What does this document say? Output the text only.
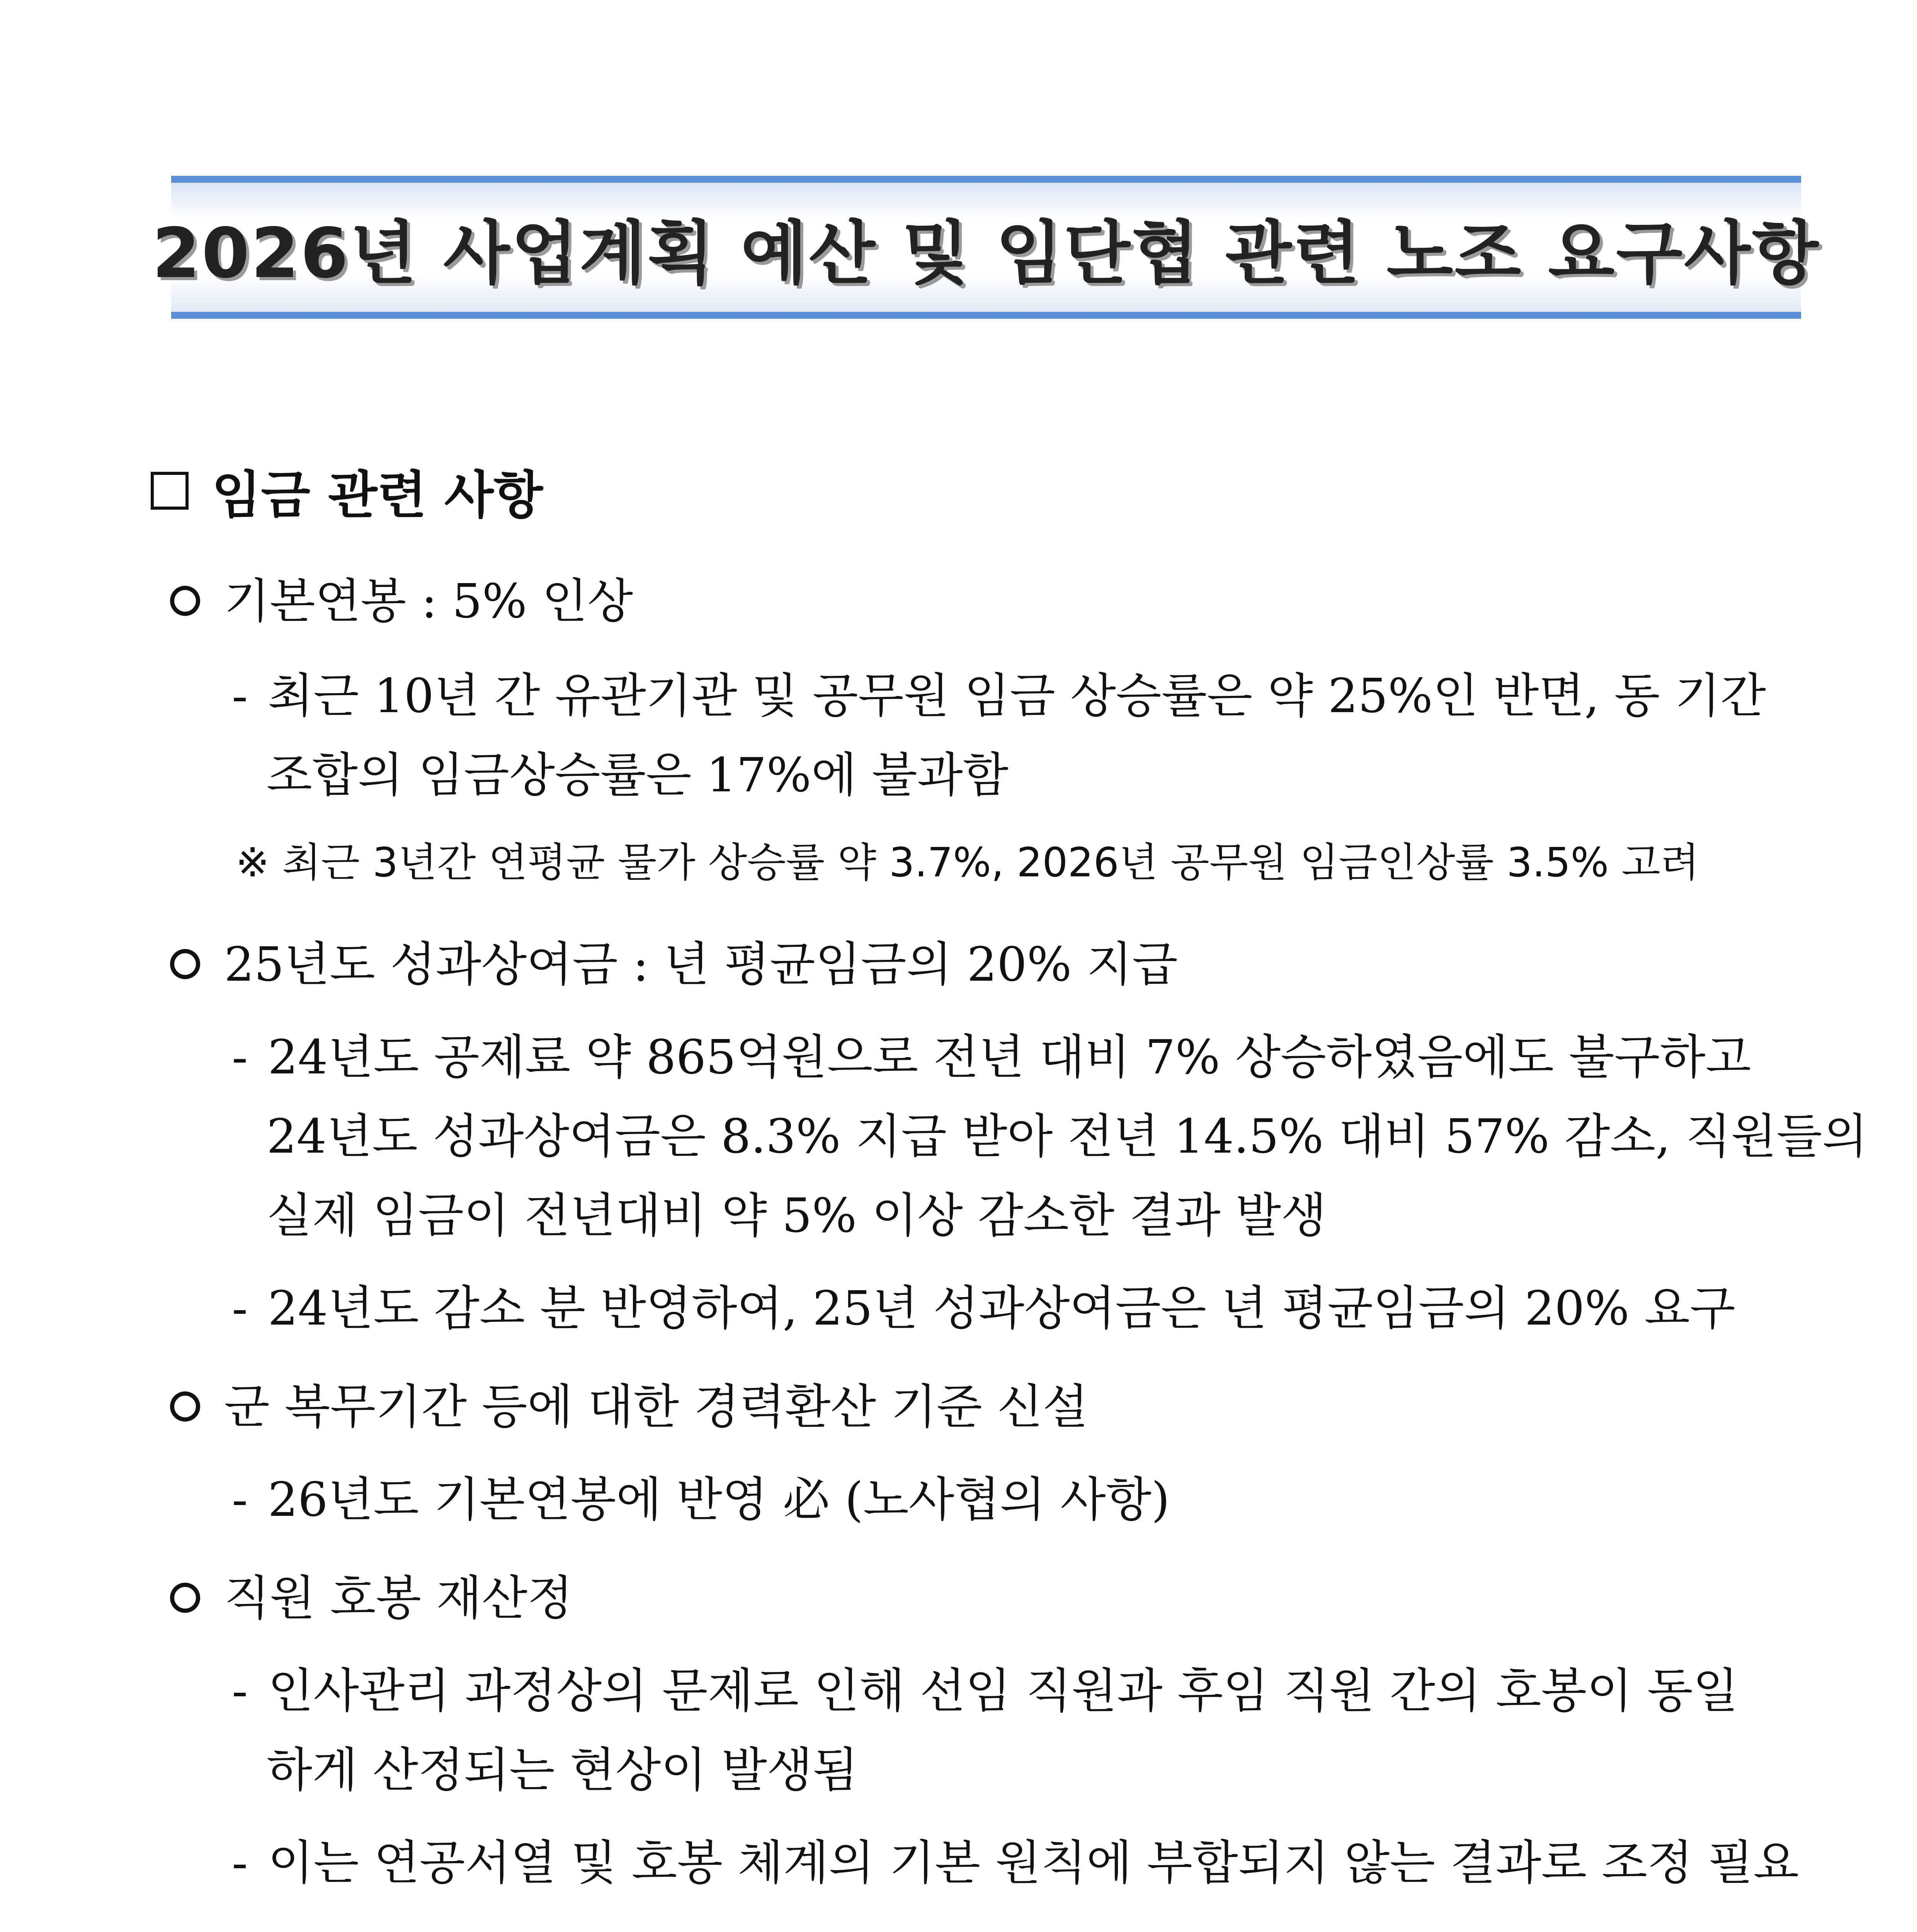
2026년 사업계획 예산 및 임단협 관련 노조 요구사항
임금 관련 사항
기본연봉 : 5% 인상
- 최근 10년 간 유관기관 및 공무원 임금 상승률은 약 25%인 반면, 동 기간
조합의 임금상승률은 17%에 불과함
※ 최근 3년간 연평균 물가 상승률 약 3.7%, 2026년 공무원 임금인상률 3.5% 고려
25년도 성과상여금 : 년 평균임금의 20% 지급
- 24년도 공제료 약 865억원으로 전년 대비 7% 상승하였음에도 불구하고
24년도 성과상여금은 8.3% 지급 받아 전년 14.5% 대비 57% 감소, 직원들의
실제 임금이 전년대비 약 5% 이상 감소한 결과 발생
- 24년도 감소 분 반영하여, 25년 성과상여금은 년 평균임금의 20% 요구
군 복무기간 등에 대한 경력환산 기준 신설
- 26년도 기본연봉에 반영 必 (노사협의 사항)
직원 호봉 재산정
- 인사관리 과정상의 문제로 인해 선임 직원과 후임 직원 간의 호봉이 동일
하게 산정되는 현상이 발생됨
- 이는 연공서열 및 호봉 체계의 기본 원칙에 부합되지 않는 결과로 조정 필요
